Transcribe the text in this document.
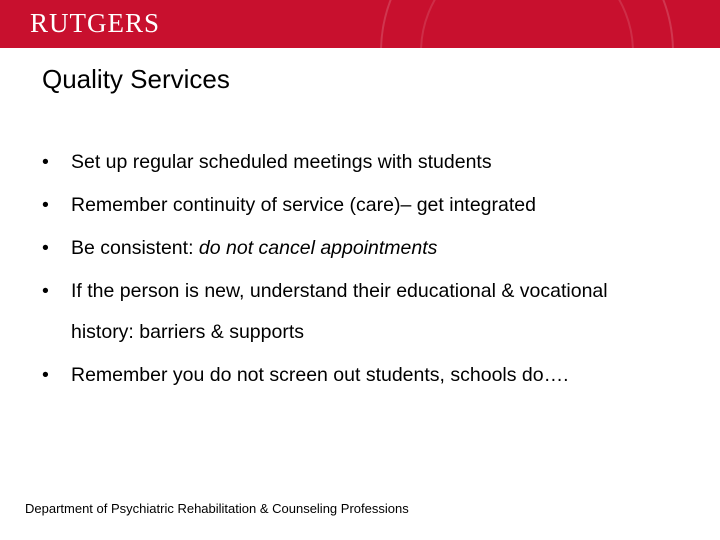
RUTGERS
Quality Services
• Set up regular scheduled meetings with students
• Remember continuity of service (care)– get integrated
• Be consistent: do not cancel appointments
• If the person is new, understand their educational & vocational
history: barriers & supports
• Remember you do not screen out students, schools do….
Department of Psychiatric Rehabilitation & Counseling Professions
